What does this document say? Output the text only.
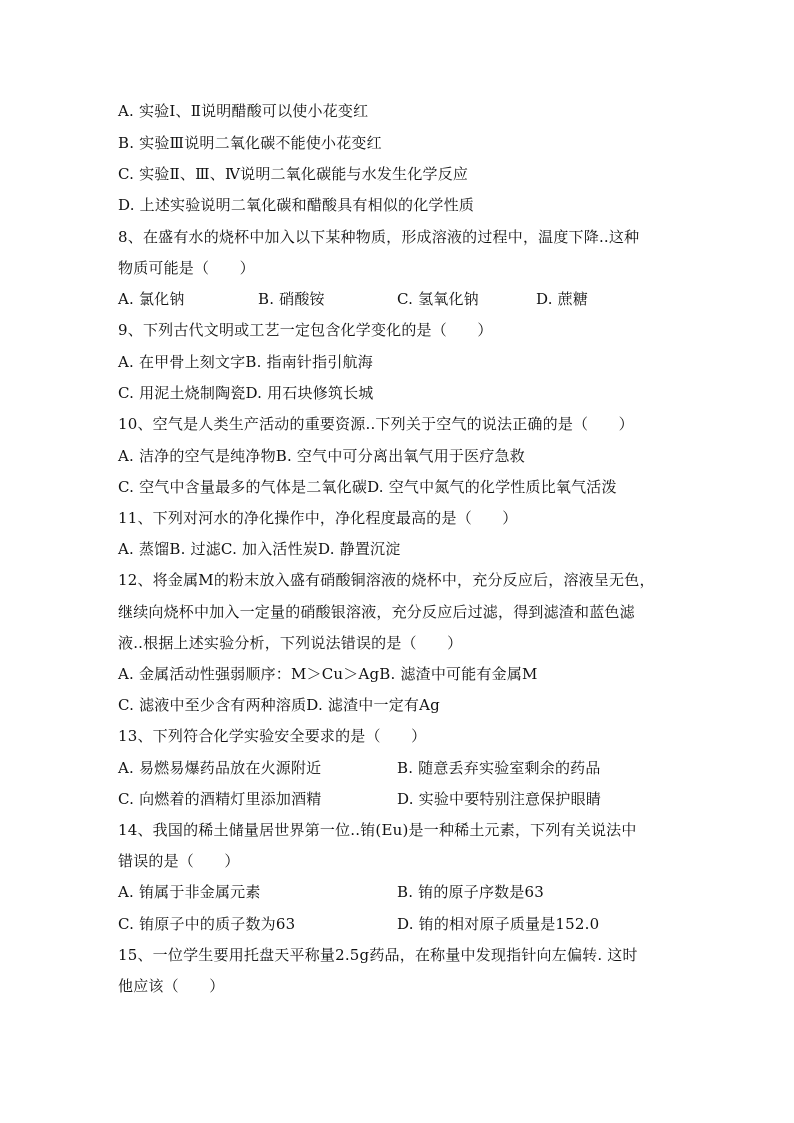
A. 实验Ⅰ、Ⅱ说明醋酸可以使小花变红
B. 实验Ⅲ说明二氧化碳不能使小花变红
C. 实验Ⅱ、Ⅲ、Ⅳ说明二氧化碳能与水发生化学反应
D. 上述实验说明二氧化碳和醋酸具有相似的化学性质
8、在盛有水的烧杯中加入以下某种物质，形成溶液的过程中，温度下降..这种
物质可能是（　　）
A. 氯化钠	B. 硝酸铵	C. 氢氧化钠	D. 蔗糖
9、下列古代文明或工艺一定包含化学变化的是（　　）
A. 在甲骨上刻文字B. 指南针指引航海
C. 用泥土烧制陶瓷D. 用石块修筑长城
10、空气是人类生产活动的重要资源..下列关于空气的说法正确的是（　　）
A. 洁净的空气是纯净物B. 空气中可分离出氧气用于医疗急救
C. 空气中含量最多的气体是二氧化碳D. 空气中氮气的化学性质比氧气活泼
11、下列对河水的净化操作中，净化程度最高的是（　　）
A. 蒸馏B. 过滤C. 加入活性炭D. 静置沉淀
12、将金属M的粉末放入盛有硝酸铜溶液的烧杯中，充分反应后，溶液呈无色，
继续向烧杯中加入一定量的硝酸银溶液，充分反应后过滤，得到滤渣和蓝色滤
液..根据上述实验分析，下列说法错误的是（　　）
A. 金属活动性强弱顺序：M＞Cu＞AgB. 滤渣中可能有金属M
C. 滤液中至少含有两种溶质D. 滤渣中一定有Ag
13、下列符合化学实验安全要求的是（　　）
A. 易燃易爆药品放在火源附近	B. 随意丢弃实验室剩余的药品
C. 向燃着的酒精灯里添加酒精	D. 实验中要特别注意保护眼睛
14、我国的稀土储量居世界第一位..铕(Eu)是一种稀土元素，下列有关说法中
错误的是（　　）
A. 铕属于非金属元素	B. 铕的原子序数是63
C. 铕原子中的质子数为63	D. 铕的相对原子质量是152.0
15、一位学生要用托盘天平称量2.5g药品，在称量中发现指针向左偏转. 这时
他应该（　　）
